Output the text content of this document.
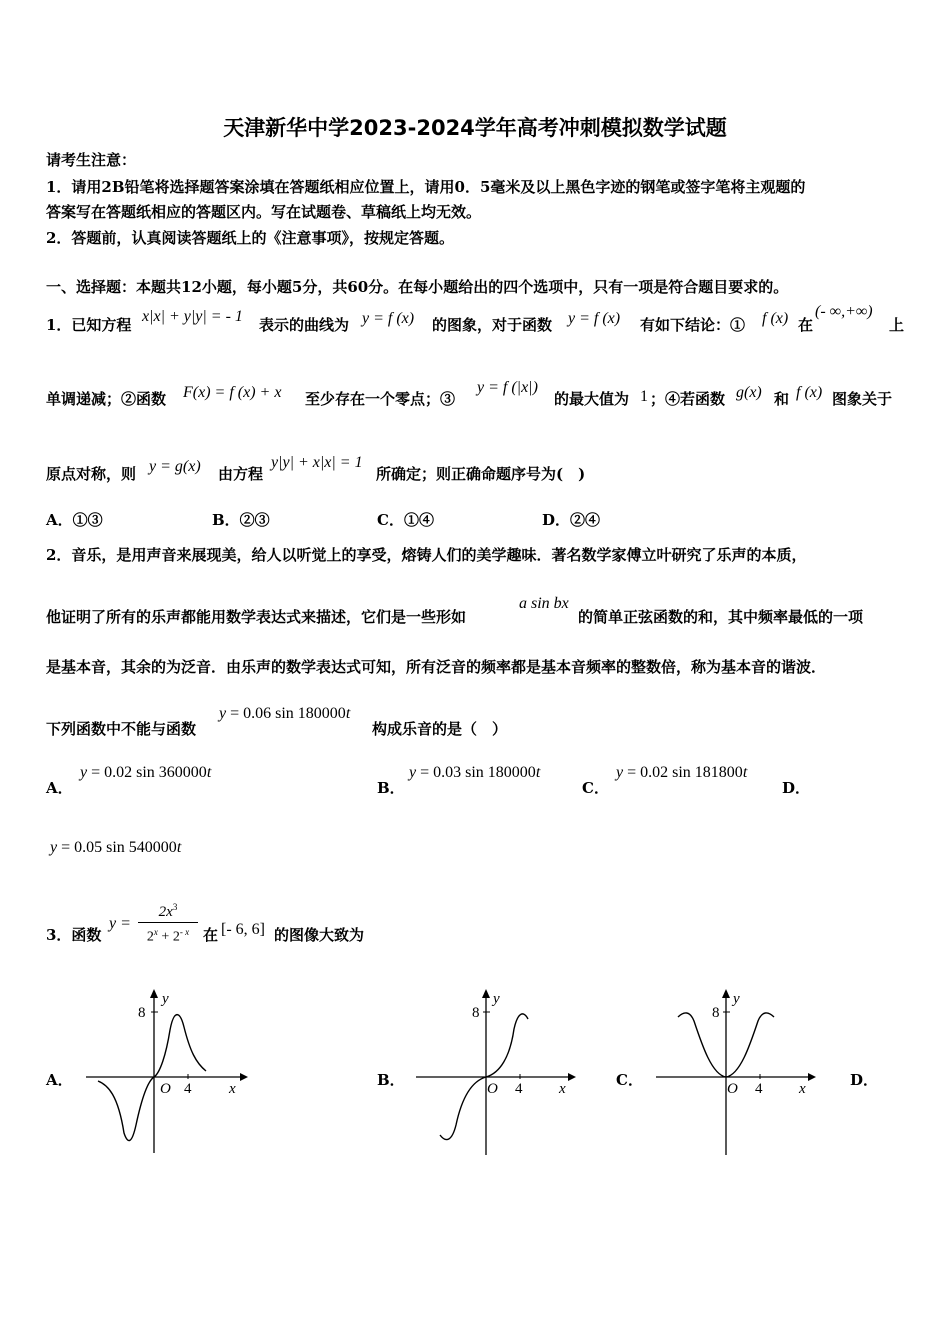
天津新华中学2023-2024学年高考冲刺模拟数学试题
请考生注意：
1．请用2B铅笔将选择题答案涂填在答题纸相应位置上，请用0．5毫米及以上黑色字迹的钢笔或签字笔将主观题的
答案写在答题纸相应的答题区内。写在试题卷、草稿纸上均无效。
2．答题前，认真阅读答题纸上的《注意事项》，按规定答题。
一、选择题：本题共12小题，每小题5分，共60分。在每小题给出的四个选项中，只有一项是符合题目要求的。
1．已知方程 x|x| + y|y| = - 1 表示的曲线为 y = f (x) 的图象，对于函数 y = f (x) 有如下结论：① f (x) 在
(- ∞,+∞)
上
单调递减；②函数 F(x) = f (x) + x 至少存在一个零点；③
y = f (|x|)
的最大值为 1 ；④若函数 g(x) 和 f (x) 图象关于
原点对称，则 y = g(x) 由方程
y|y| + x|x| = 1
所确定；则正确命题序号为(　)
A．①③	B．②③	C．①④	D．②④
2．音乐，是用声音来展现美，给人以听觉上的享受，熔铸人们的美学趣味．著名数学家傅立叶研究了乐声的本质，
他证明了所有的乐声都能用数学表达式来描述，它们是一些形如
a sin bx
的简单正弦函数的和，其中频率最低的一项
是基本音，其余的为泛音．由乐声的数学表达式可知，所有泛音的频率都是基本音频率的整数倍，称为基本音的谐波．
下列函数中不能与函数
y = 0.06 sin 180000t
构成乐音的是（　）
A．
y = 0.02 sin 360000t
B．
y = 0.03 sin 180000t
C．
y = 0.02 sin 181800t
D．
y = 0.05 sin 540000t
3．函数
y =
$2x^3$
$2^x + 2^{- x}$ 在 [- 6, 6] 的图像大致为
A．	B．	C．	D．
8
y
O 4	x
8
y
O 4 x
8
y
O 4 x
